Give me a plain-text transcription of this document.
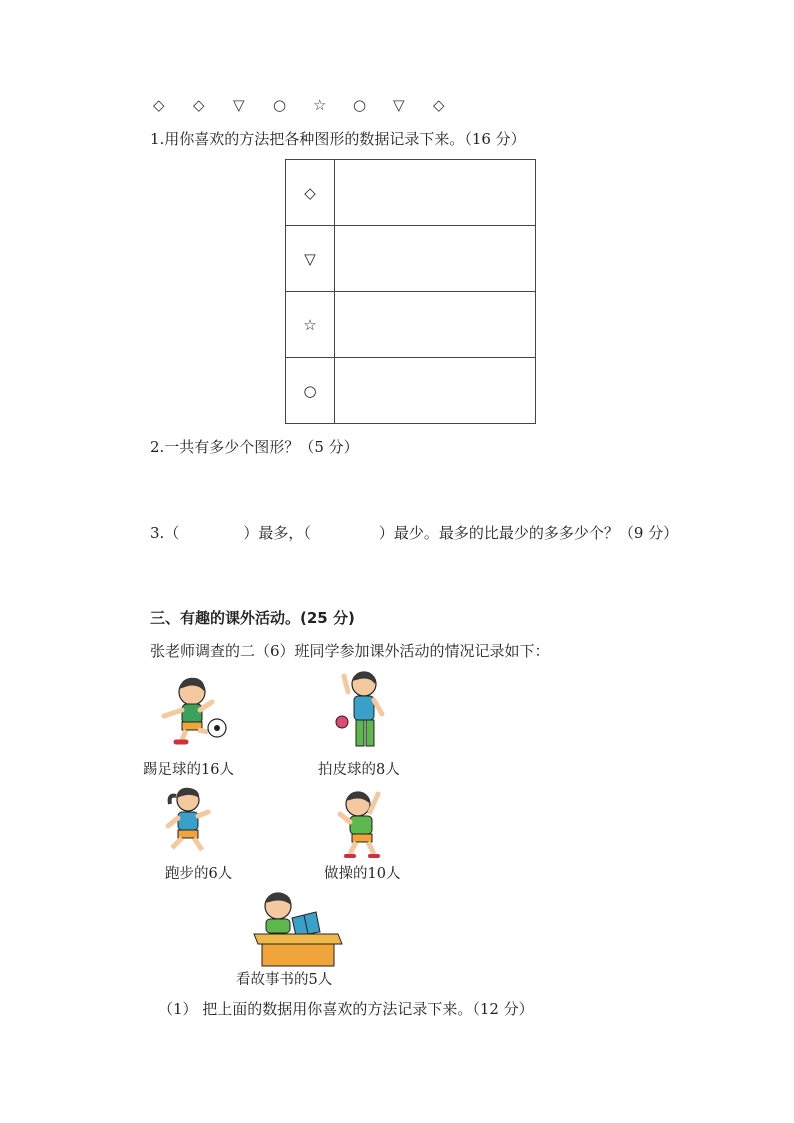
◇ ◇ ▽ ○ ☆ ○ ▽ ◇
1.用你喜欢的方法把各种图形的数据记录下来。（16 分）
◇	
▽	
☆	
○	
2.一共有多少个图形？（5 分）
3.（	）最多，（	）最少。最多的比最少的多多少个？（9 分）
三、有趣的课外活动。(25 分)
张老师调查的二（6）班同学参加课外活动的情况记录如下：
踢足球的16人	拍皮球的8人
跑步的6人	做操的10人
看故事书的5人
（1） 把上面的数据用你喜欢的方法记录下来。（12 分）
